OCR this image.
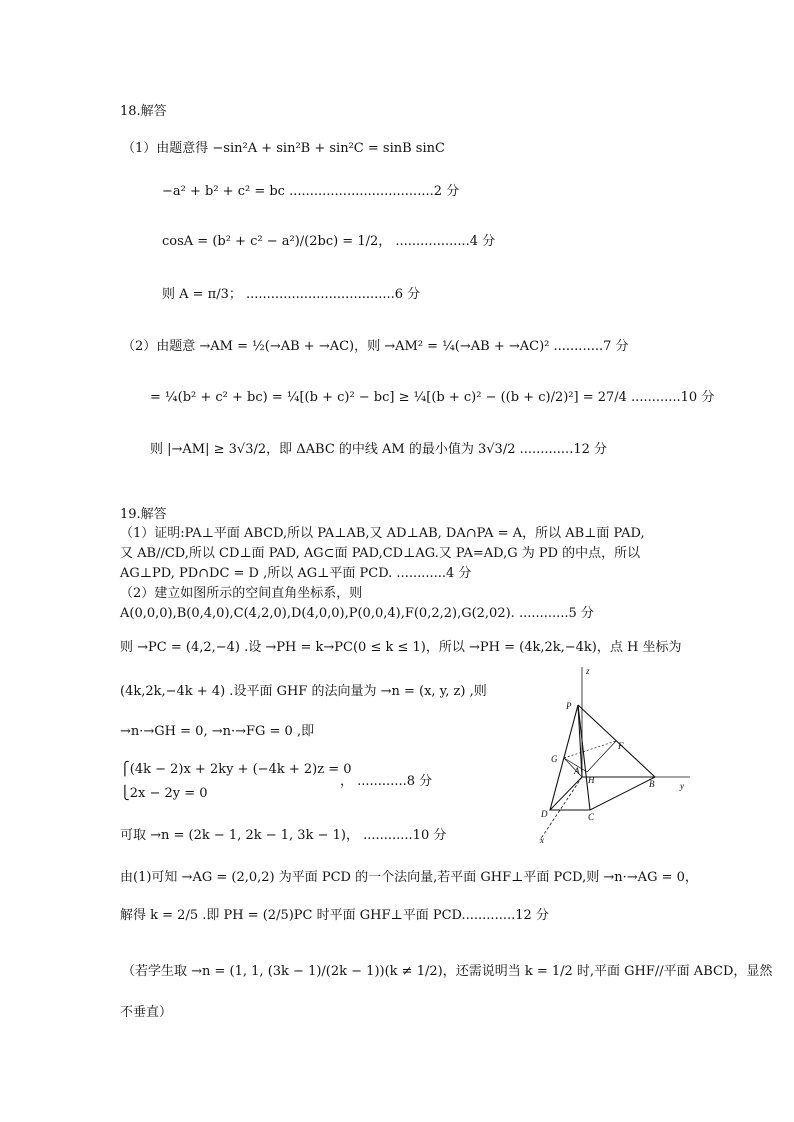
18.解答
（1）由题意得 −sin²A + sin²B + sin²C = sinB sinC
−a² + b² + c² = bc ...................................2 分
cosA = (b² + c² − a²)/(2bc) = 1/2， ..................4 分
则 A = π/3； ....................................6 分
（2）由题意 →AM = ½(→AB + →AC)，则 →AM² = ¼(→AB + →AC)² ............7 分
= ¼(b² + c² + bc) = ¼[(b + c)² − bc] ≥ ¼[(b + c)² − ((b + c)/2)²] = 27/4 ............10 分
则 |→AM| ≥ 3√3/2，即 ΔABC 的中线 AM 的最小值为 3√3/2 .............12 分
19.解答
（1）证明:PA⊥平面 ABCD,所以 PA⊥AB,又 AD⊥AB, DA∩PA = A，所以 AB⊥面 PAD,
又 AB//CD,所以 CD⊥面 PAD, AG⊂面 PAD,CD⊥AG.又 PA=AD,G 为 PD 的中点，所以
AG⊥PD, PD∩DC = D ,所以 AG⊥平面 PCD. ............4 分
（2）建立如图所示的空间直角坐标系，则
A(0,0,0),B(0,4,0),C(4,2,0),D(4,0,0),P(0,0,4),F(0,2,2),G(2,02). ............5 分
则 →PC = (4,2,−4) .设 →PH = k→PC(0 ≤ k ≤ 1)，所以 →PH = (4k,2k,−4k)，点 H 坐标为
(4k,2k,−4k + 4) .设平面 GHF 的法向量为 →n = (x, y, z) ,则
→n·→GH = 0, →n·→FG = 0 ,即
⎧(4k − 2)x + 2ky + (−4k + 2)z = 0
⎩2x − 2y = 0
， ............8 分
可取 →n = (2k − 1, 2k − 1, 3k − 1)， ............10 分
由(1)可知 →AG = (2,0,2) 为平面 PCD 的一个法向量,若平面 GHF⊥平面 PCD,则 →n·→AG = 0，
解得 k = 2/5 .即 PH = (2/5)PC 时平面 GHF⊥平面 PCD.............12 分
（若学生取 →n = (1, 1, (3k − 1)/(2k − 1))(k ≠ 1/2)，还需说明当 k = 1/2 时,平面 GHF//平面 ABCD，显然
不垂直）
z
y
x
P
G
A
H
F
B
D	C
